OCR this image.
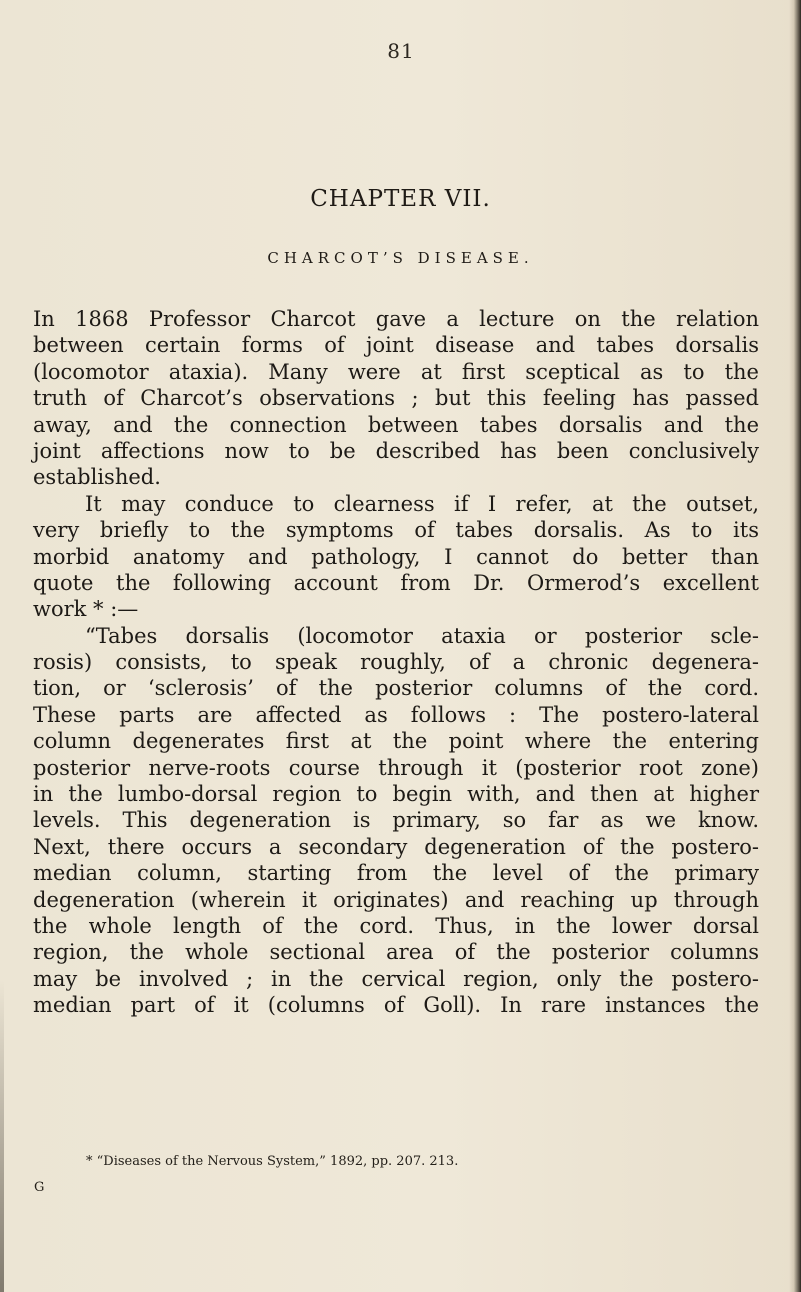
81
CHAPTER VII.
CHARCOT’S DISEASE.
In 1868 Professor Charcot gave a lecture on the relation
between certain forms of joint disease and tabes dorsalis
(locomotor ataxia). Many were at first sceptical as to the
truth of Charcot’s observations ; but this feeling has passed
away, and the connection between tabes dorsalis and the
joint affections now to be described has been conclusively
established.
It may conduce to clearness if I refer, at the outset,
very briefly to the symptoms of tabes dorsalis. As to its
morbid anatomy and pathology, I cannot do better than
quote the following account from Dr. Ormerod’s excellent
work * :—
“Tabes dorsalis (locomotor ataxia or posterior scle-
rosis) consists, to speak roughly, of a chronic degenera-
tion, or ‘sclerosis’ of the posterior columns of the cord.
These parts are affected as follows : The postero-lateral
column degenerates first at the point where the entering
posterior nerve-roots course through it (posterior root zone)
in the lumbo-dorsal region to begin with, and then at higher
levels. This degeneration is primary, so far as we know.
Next, there occurs a secondary degeneration of the postero-
median column, starting from the level of the primary
degeneration (wherein it originates) and reaching up through
the whole length of the cord. Thus, in the lower dorsal
region, the whole sectional area of the posterior columns
may be involved ; in the cervical region, only the postero-
median part of it (columns of Goll). In rare instances the
* “Diseases of the Nervous System,” 1892, pp. 207. 213.
G
